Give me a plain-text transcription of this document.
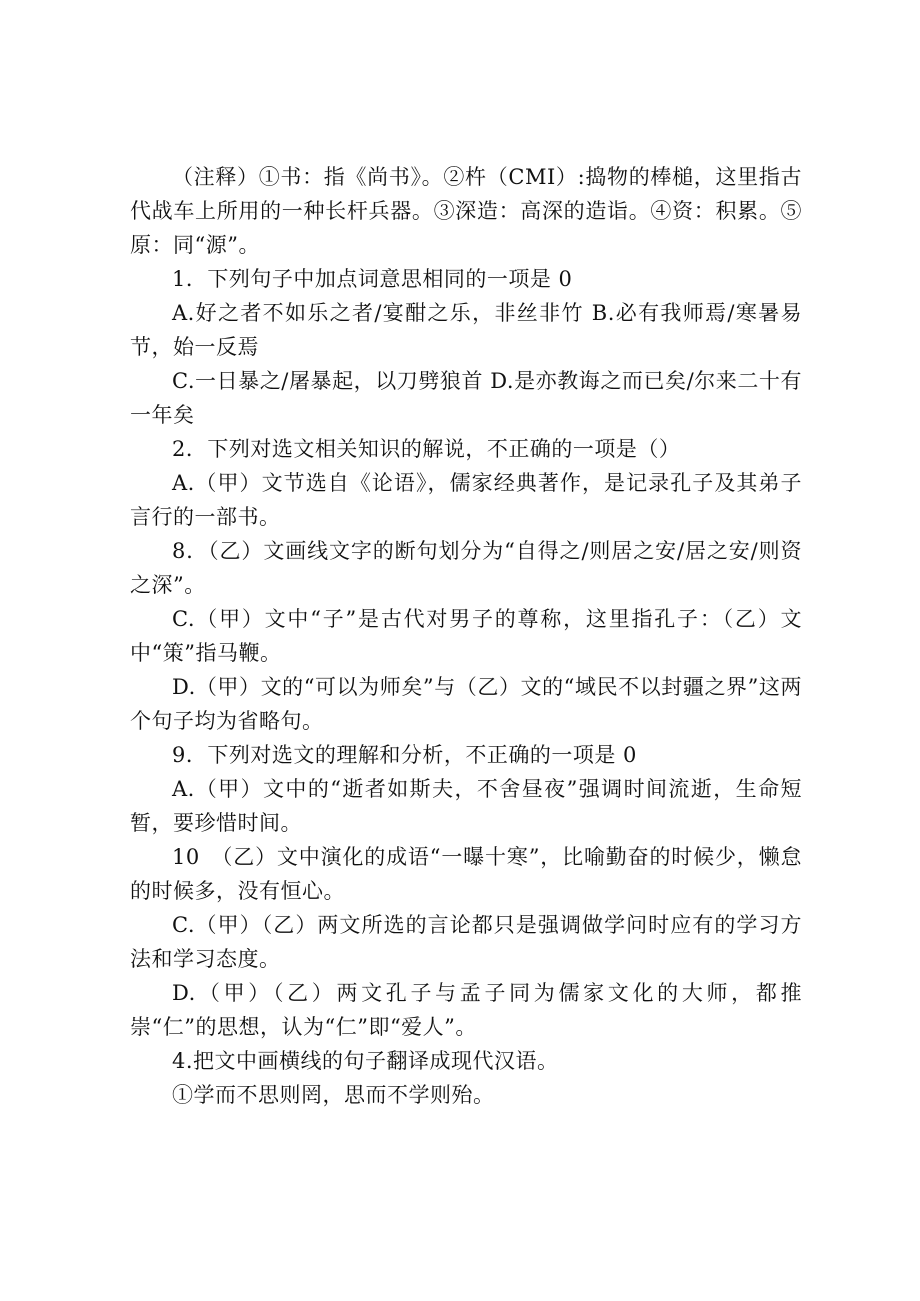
（注释）①书：指《尚书》。②杵（CMI）:捣物的棒槌，这里指古代战车上所用的一种长杆兵器。③深造：高深的造诣。④资：积累。⑤原：同“源”。

1．下列句子中加点词意思相同的一项是 0

A.好之者不如乐之者/宴酣之乐，非丝非竹 B.必有我师焉/寒暑易节，始一反焉

C.一日暴之/屠暴起，以刀劈狼首 D.是亦教诲之而已矣/尔来二十有一年矣

2．下列对选文相关知识的解说，不正确的一项是（）

A.（甲）文节选自《论语》，儒家经典著作，是记录孔子及其弟子言行的一部书。

8．（乙）文画线文字的断句划分为“自得之/则居之安/居之安/则资之深”。

C.（甲）文中“子”是古代对男子的尊称，这里指孔子：（乙）文中“策”指马鞭。

D.（甲）文的“可以为师矣”与（乙）文的“域民不以封疆之界”这两个句子均为省略句。

9．下列对选文的理解和分析，不正确的一项是 0

A.（甲）文中的“逝者如斯夫，不舍昼夜”强调时间流逝，生命短暂，要珍惜时间。

10　（乙）文中演化的成语“一曝十寒”，比喻勤奋的时候少，懒怠的时候多，没有恒心。

C.（甲）（乙）两文所选的言论都只是强调做学问时应有的学习方法和学习态度。

D.（甲）（乙）两文孔子与孟子同为儒家文化的大师，都推崇“仁”的思想，认为“仁”即“爱人”。

4.把文中画横线的句子翻译成现代汉语。

①学而不思则罔，思而不学则殆。
